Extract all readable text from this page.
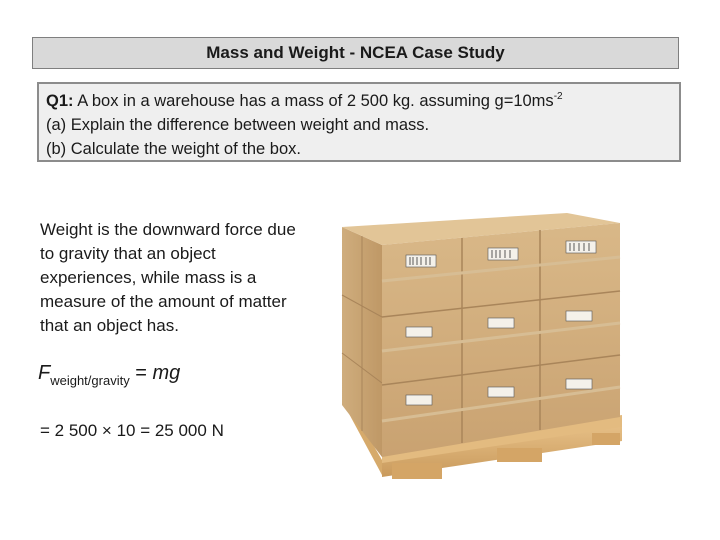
Mass and Weight - NCEA Case Study
Q1: A box in a warehouse has a mass of 2 500 kg. assuming $g=10ms^{-2}$
(a) Explain the difference between weight and mass.
(b) Calculate the weight of the box.
Weight is the downward force due to gravity that an object experiences, while mass is a measure of the amount of matter that an object has.
$F_{weight/gravity}$ = mg
= 2 500 × 10 = 25 000 N
